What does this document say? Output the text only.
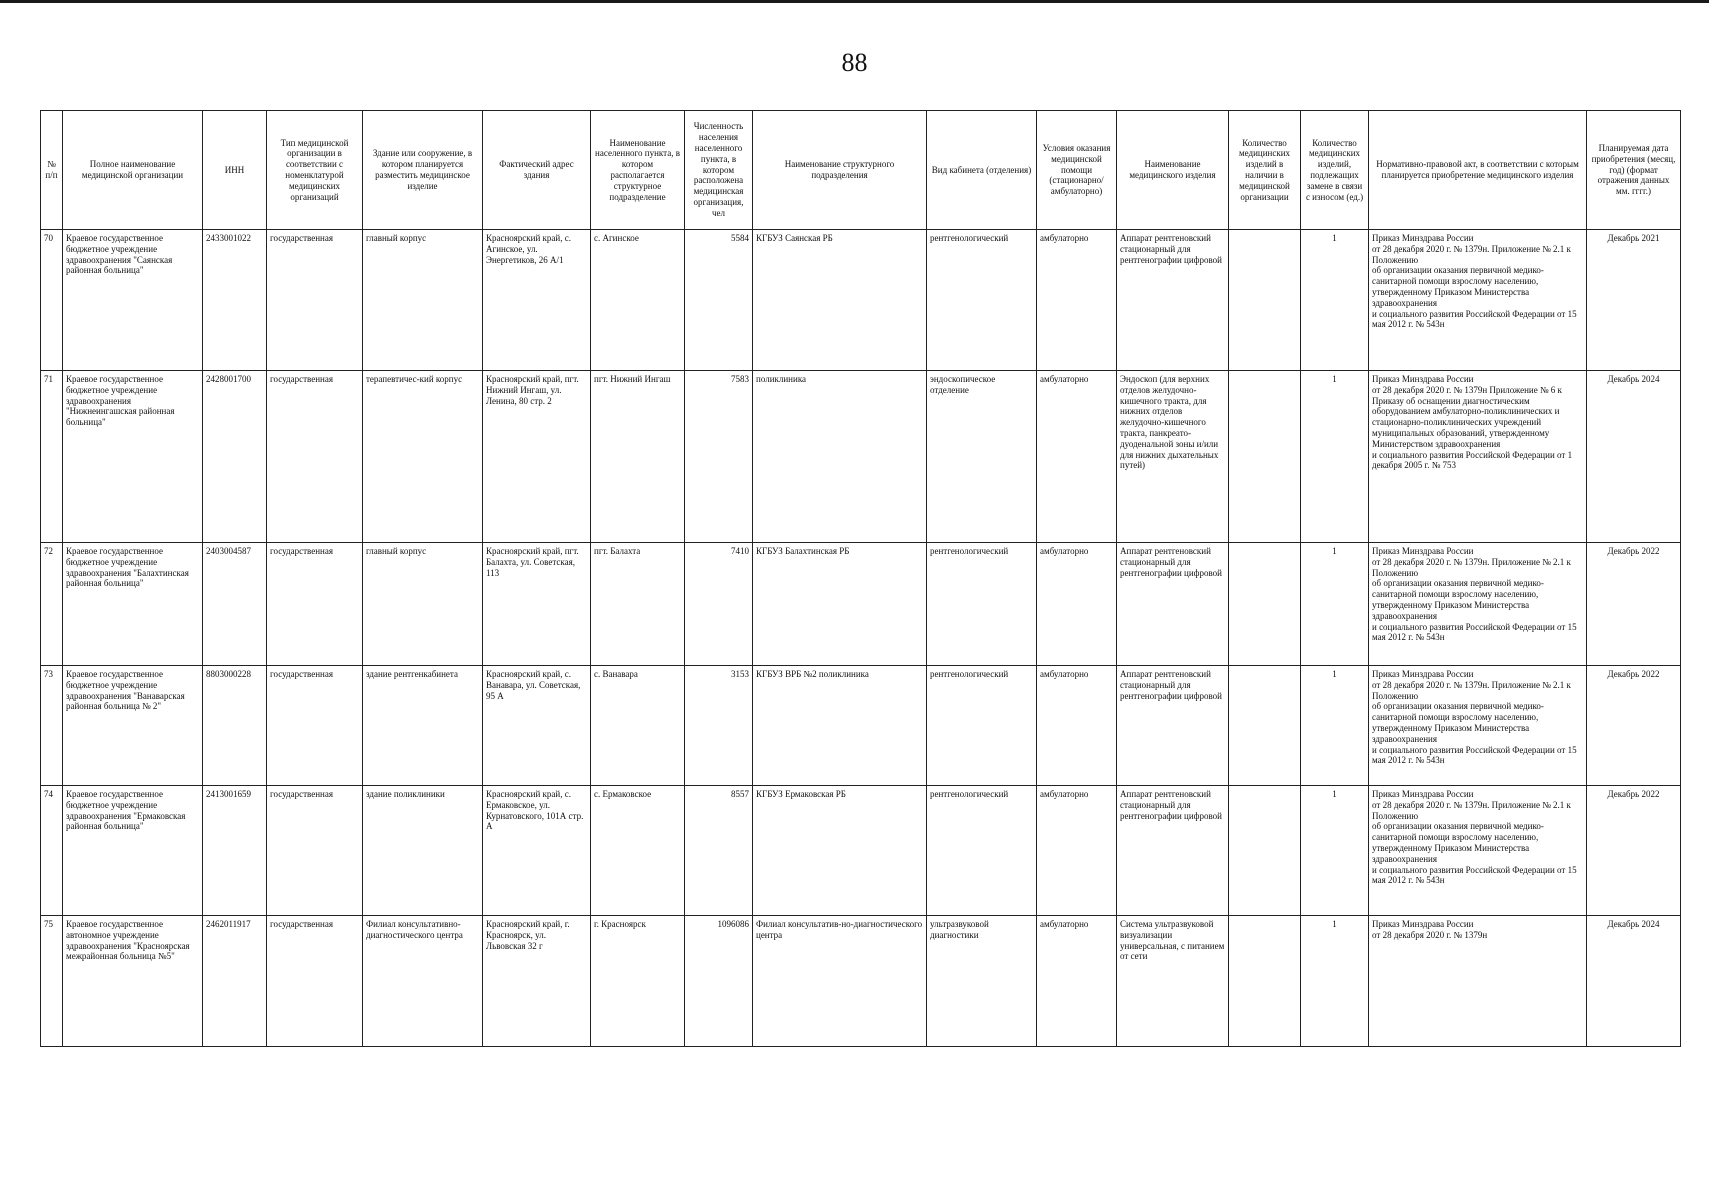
88
№ п/п	Полное наименование медицинской организации	ИНН	Тип медицинской организации в соответствии с номенклатурой медицинских организаций	Здание или сооружение, в котором планируется разместить медицинское изделие	Фактический адрес здания	Наименование населенного пункта, в котором располагается структурное подразделение	Численность населения населенного пункта, в котором расположена медицинская организация, чел	Наименование структурного подразделения	Вид кабинета (отделения)	Условия оказания медицинской помощи (стационарно/амбулаторно)	Наименование медицинского изделия	Количество медицинских изделий в наличии в медицинской организации	Количество медицинских изделий, подлежащих замене в связи с износом (ед.)	Нормативно-правовой акт, в соответствии с которым планируется приобретение медицинского изделия	Планируемая дата приобретения (месяц, год) (формат отражения данных мм. гггг.)
70	Краевое государственное бюджетное учреждение здравоохранения "Саянская районная больница"	2433001022	государственная	главный корпус	Красноярский край, с. Агинское, ул. Энергетиков, 26 А/1	с. Агинское	5584	КГБУЗ Саянская РБ	рентгенологический	амбулаторно	Аппарат рентгеновский стационарный для рентгенографии цифровой		1	Приказ Минздрава России
от 28 декабря 2020 г. № 1379н. Приложение № 2.1 к Положению
об организации оказания первичной медико-санитарной помощи взрослому населению, утвержденному Приказом Министерства здравоохранения
и социального развития Российской Федерации от 15 мая 2012 г. № 543н	Декабрь 2021
71	Краевое государственное бюджетное учреждение здравоохранения "Нижнеингашская районная больница"	2428001700	государственная	терапевтичес-кий корпус	Красноярский край, пгт. Нижний Ингаш, ул. Ленина, 80 стр. 2	пгт. Нижний Ингаш	7583	поликлиника	эндоскопическое отделение	амбулаторно	Эндоскоп (для верхних отделов желудочно-кишечного тракта, для нижних отделов желудочно-кишечного тракта, панкреато-дуоденальной зоны и/или для нижних дыхательных путей)		1	Приказ Минздрава России
от 28 декабря 2020 г. № 1379н Приложение № 6 к Приказу об оснащении диагностическим оборудованием амбулаторно-поликлинических и стационарно-поликлинических учреждений муниципальных образований, утвержденному Министерством здравоохранения
и социального развития Российской Федерации от 1 декабря 2005 г. № 753	Декабрь 2024
72	Краевое государственное бюджетное учреждение здравоохранения "Балахтинская районная больница"	2403004587	государственная	главный корпус	Красноярский край, пгт. Балахта, ул. Советская, 113	пгт. Балахта	7410	КГБУЗ Балахтинская РБ	рентгенологический	амбулаторно	Аппарат рентгеновский стационарный для рентгенографии цифровой		1	Приказ Минздрава России
от 28 декабря 2020 г. № 1379н. Приложение № 2.1 к Положению
об организации оказания первичной медико-санитарной помощи взрослому населению, утвержденному Приказом Министерства здравоохранения
и социального развития Российской Федерации от 15 мая 2012 г. № 543н	Декабрь 2022
73	Краевое государственное бюджетное учреждение здравоохранения "Ванаварская районная больница № 2"	8803000228	государственная	здание рентгенкабинета	Красноярский край, с. Ванавара, ул. Советская, 95 А	с. Ванавара	3153	КГБУЗ ВРБ №2 поликлиника	рентгенологический	амбулаторно	Аппарат рентгеновский стационарный для рентгенографии цифровой		1	Приказ Минздрава России
от 28 декабря 2020 г. № 1379н. Приложение № 2.1 к Положению
об организации оказания первичной медико-санитарной помощи взрослому населению, утвержденному Приказом Министерства здравоохранения
и социального развития Российской Федерации от 15 мая 2012 г. № 543н	Декабрь 2022
74	Краевое государственное бюджетное учреждение здравоохранения "Ермаковская районная больница"	2413001659	государственная	здание поликлиники	Красноярский край, с. Ермаковское, ул. Курнатовского, 101А стр. А	с. Ермаковское	8557	КГБУЗ Ермаковская РБ	рентгенологический	амбулаторно	Аппарат рентгеновский стационарный для рентгенографии цифровой		1	Приказ Минздрава России
от 28 декабря 2020 г. № 1379н. Приложение № 2.1 к Положению
об организации оказания первичной медико-санитарной помощи взрослому населению, утвержденному Приказом Министерства здравоохранения
и социального развития Российской Федерации от 15 мая 2012 г. № 543н	Декабрь 2022
75	Краевое государственное автономное учреждение здравоохранения "Красноярская межрайонная больница №5"	2462011917	государственная	Филиал консультативно-диагностического центра	Красноярский край, г. Красноярск, ул. Львовская 32 г	г. Красноярск	1096086	Филиал консультатив-но-диагностического центра	ультразвуковой диагностики	амбулаторно	Система ультразвуковой визуализации универсальная, с питанием от сети		1	Приказ Минздрава России
от 28 декабря 2020 г. № 1379н	Декабрь 2024
